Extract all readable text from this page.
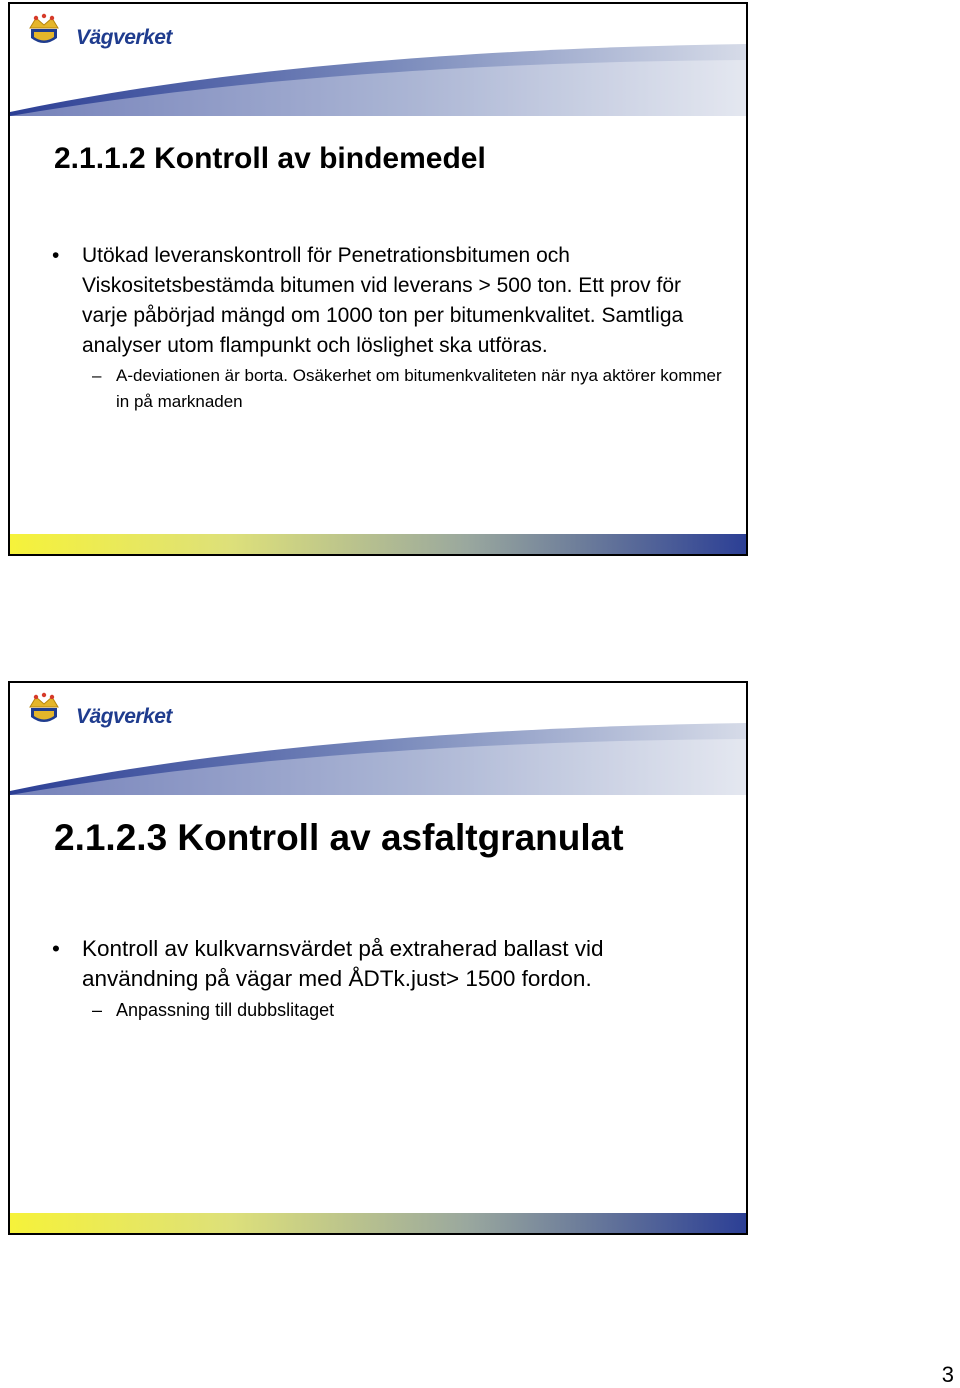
Vägverket
2.1.1.2 Kontroll av bindemedel
• Utökad leveranskontroll för Penetrationsbitumen och Viskositetsbestämda bitumen vid leverans > 500 ton. Ett prov för varje påbörjad mängd om 1000 ton per bitumenkvalitet. Samtliga analyser utom flampunkt och löslighet ska utföras.
– A-deviationen är borta. Osäkerhet om bitumenkvaliteten när nya aktörer kommer in på marknaden
Vägverket
2.1.2.3 Kontroll av asfaltgranulat
• Kontroll av kulkvarnsvärdet på extraherad ballast vid användning på vägar med ÅDTk.just> 1500 fordon.
– Anpassning till dubbslitaget
3
